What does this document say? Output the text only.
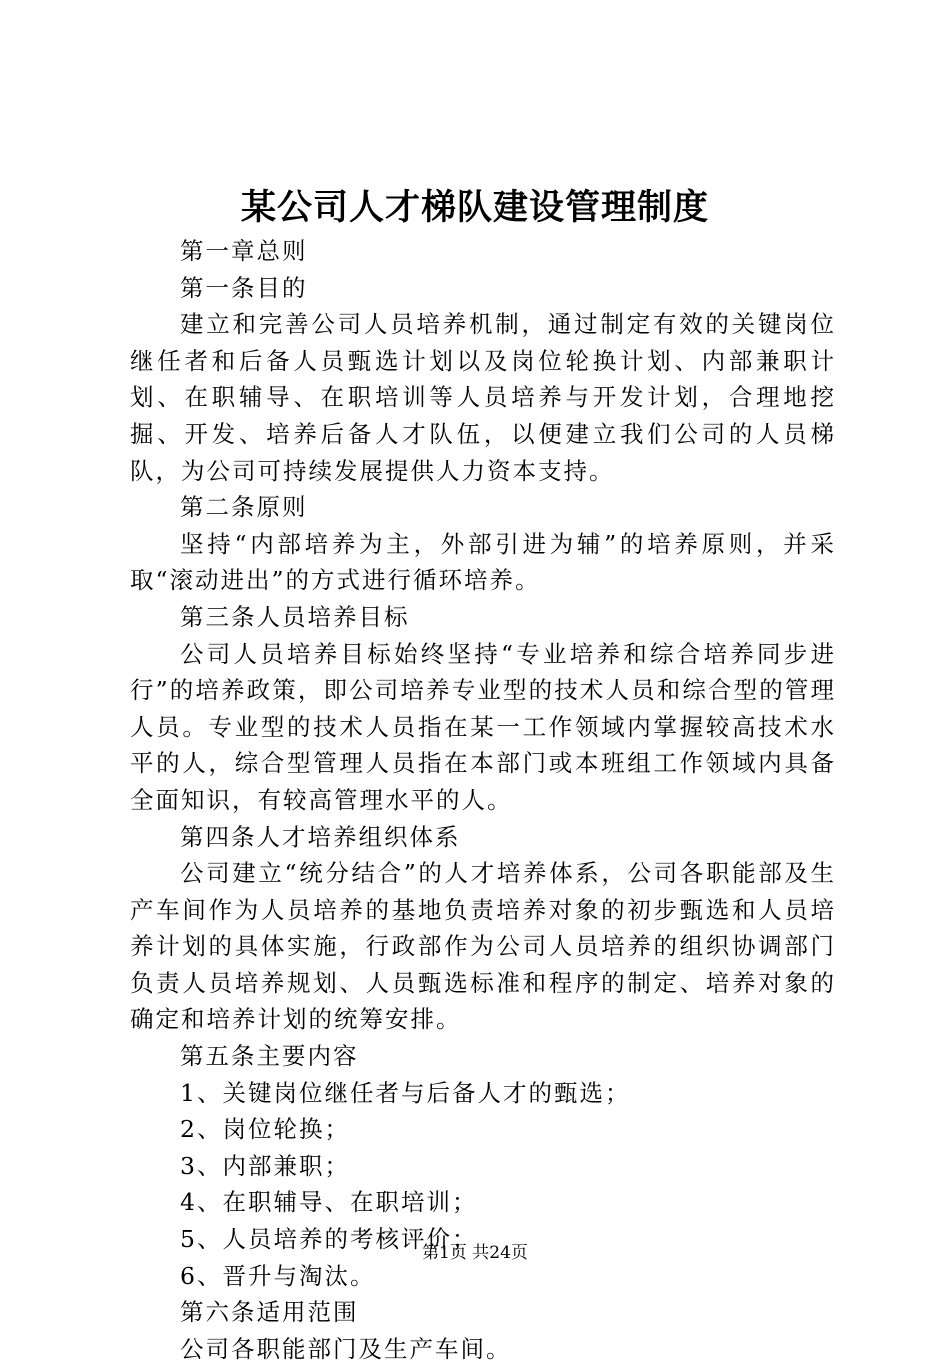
某公司人才梯队建设管理制度

第一章总则

第一条目的

建立和完善公司人员培养机制，通过制定有效的关键岗位继任者和后备人员甄选计划以及岗位轮换计划、内部兼职计划、在职辅导、在职培训等人员培养与开发计划，合理地挖掘、开发、培养后备人才队伍，以便建立我们公司的人员梯队，为公司可持续发展提供人力资本支持。

第二条原则

坚持“内部培养为主，外部引进为辅”的培养原则，并采取“滚动进出”的方式进行循环培养。

第三条人员培养目标

公司人员培养目标始终坚持“专业培养和综合培养同步进行”的培养政策，即公司培养专业型的技术人员和综合型的管理人员。专业型的技术人员指在某一工作领域内掌握较高技术水平的人，综合型管理人员指在本部门或本班组工作领域内具备全面知识，有较高管理水平的人。

第四条人才培养组织体系

公司建立“统分结合”的人才培养体系，公司各职能部及生产车间作为人员培养的基地负责培养对象的初步甄选和人员培养计划的具体实施，行政部作为公司人员培养的组织协调部门负责人员培养规划、人员甄选标准和程序的制定、培养对象的确定和培养计划的统筹安排。

第五条主要内容

1、关键岗位继任者与后备人才的甄选；

2、岗位轮换；

3、内部兼职；

4、在职辅导、在职培训；

5、人员培养的考核评价；

6、晋升与淘汰。

第六条适用范围

公司各职能部门及生产车间。

第1页 共24页
